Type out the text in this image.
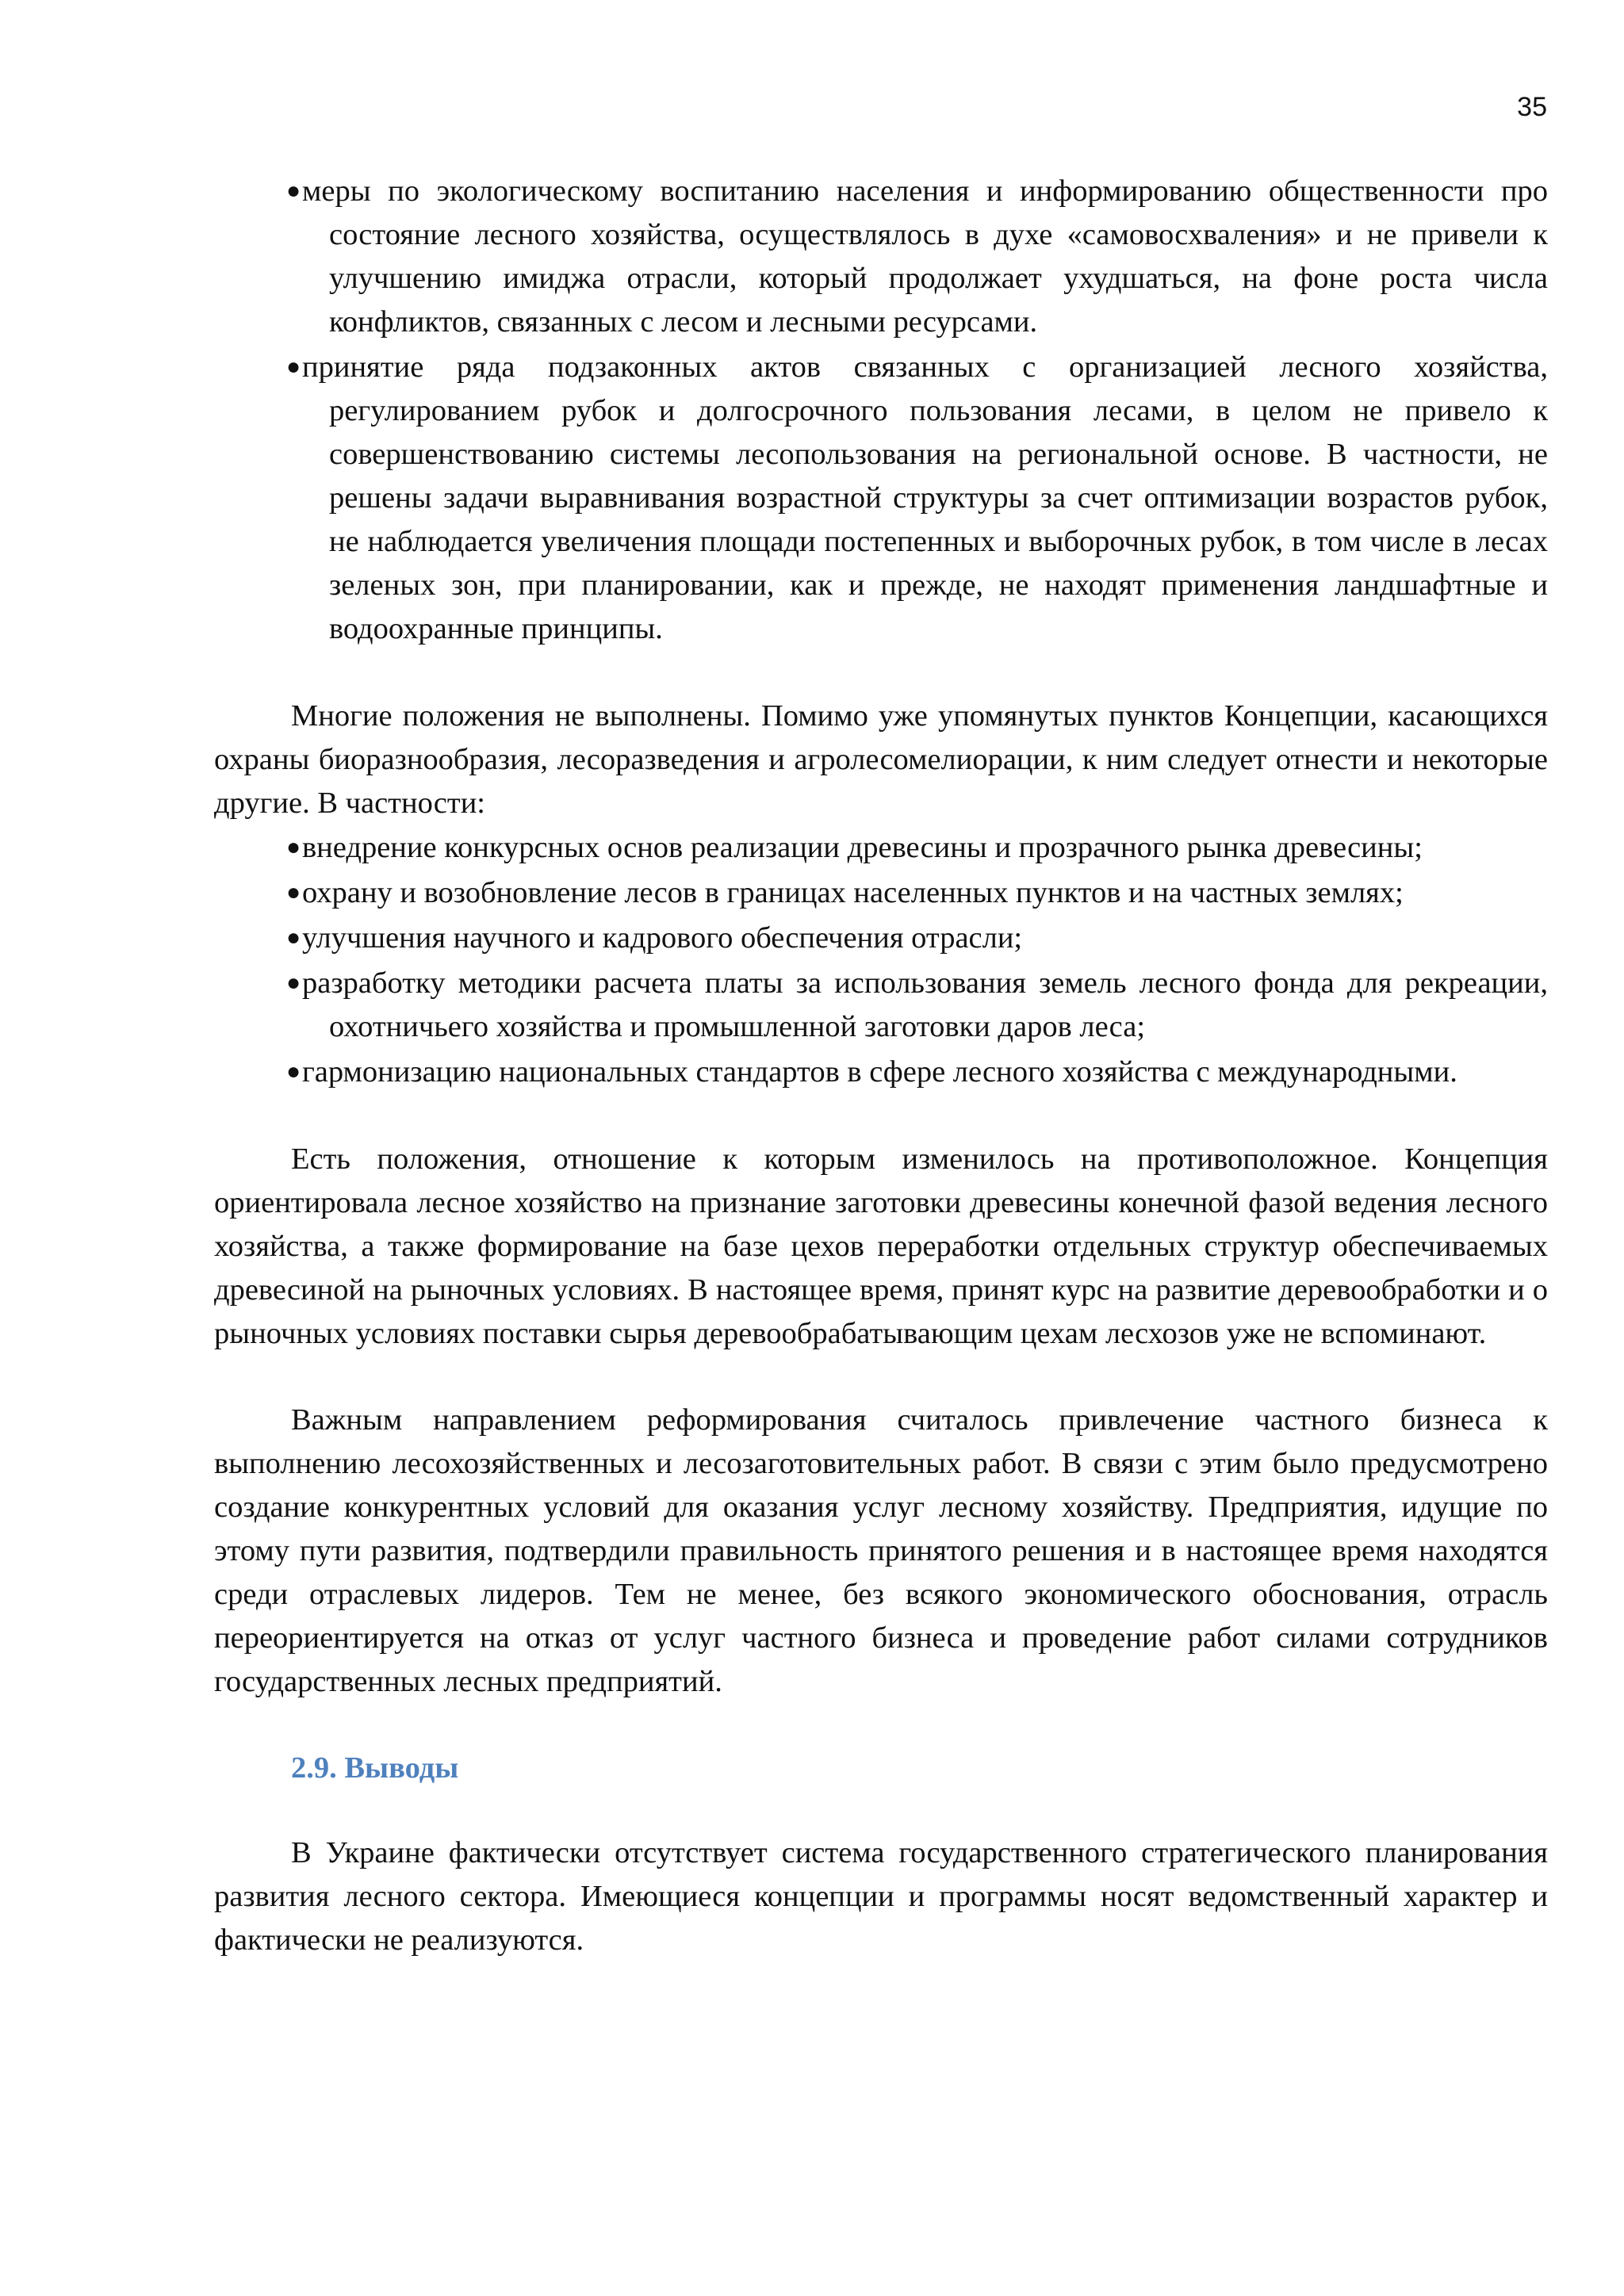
35
●меры по экологическому воспитанию населения и информированию общественности про состояние лесного хозяйства, осуществлялось в духе «самовосхваления» и не привели к улучшению имиджа отрасли, который продолжает ухудшаться, на фоне роста числа конфликтов, связанных с лесом и лесными ресурсами.
●принятие ряда подзаконных актов связанных с организацией лесного хозяйства, регулированием рубок и долгосрочного пользования лесами, в целом не привело к совершенствованию системы лесопользования на региональной основе. В частности, не решены задачи выравнивания возрастной структуры за счет оптимизации возрастов рубок, не наблюдается увеличения площади постепенных и выборочных рубок, в том числе в лесах зеленых зон, при планировании, как и прежде, не находят применения ландшафтные и водоохранные принципы.

Многие положения не выполнены. Помимо уже упомянутых пунктов Концепции, касающихся охраны биоразнообразия, лесоразведения и агролесомелиорации, к ним следует отнести и некоторые другие. В частности:

●внедрение конкурсных основ реализации древесины и прозрачного рынка древесины;
●охрану и возобновление лесов в границах населенных пунктов и на частных землях;
●улучшения научного и кадрового обеспечения отрасли;
●разработку методики расчета платы за использования земель лесного фонда для рекреации, охотничьего хозяйства и промышленной заготовки даров леса;
●гармонизацию национальных стандартов в сфере лесного хозяйства с международными.

Есть положения, отношение к которым изменилось на противоположное. Концепция ориентировала лесное хозяйство на признание заготовки древесины конечной фазой ведения лесного хозяйства, а также формирование на базе цехов переработки отдельных структур обеспечиваемых древесиной на рыночных условиях. В настоящее время, принят курс на развитие деревообработки и о рыночных условиях поставки сырья деревообрабатывающим цехам лесхозов уже не вспоминают.

Важным направлением реформирования считалось привлечение частного бизнеса к выполнению лесохозяйственных и лесозаготовительных работ. В связи с этим было предусмотрено создание конкурентных условий для оказания услуг лесному хозяйству. Предприятия, идущие по этому пути развития, подтвердили правильность принятого решения и в настоящее время находятся среди отраслевых лидеров. Тем не менее, без всякого экономического обоснования, отрасль переориентируется на отказ от услуг частного бизнеса и проведение работ силами сотрудников государственных лесных предприятий.

2.9. Выводы

В Украине фактически отсутствует система государственного стратегического планирования развития лесного сектора. Имеющиеся концепции и программы носят ведомственный характер и фактически не реализуются.
